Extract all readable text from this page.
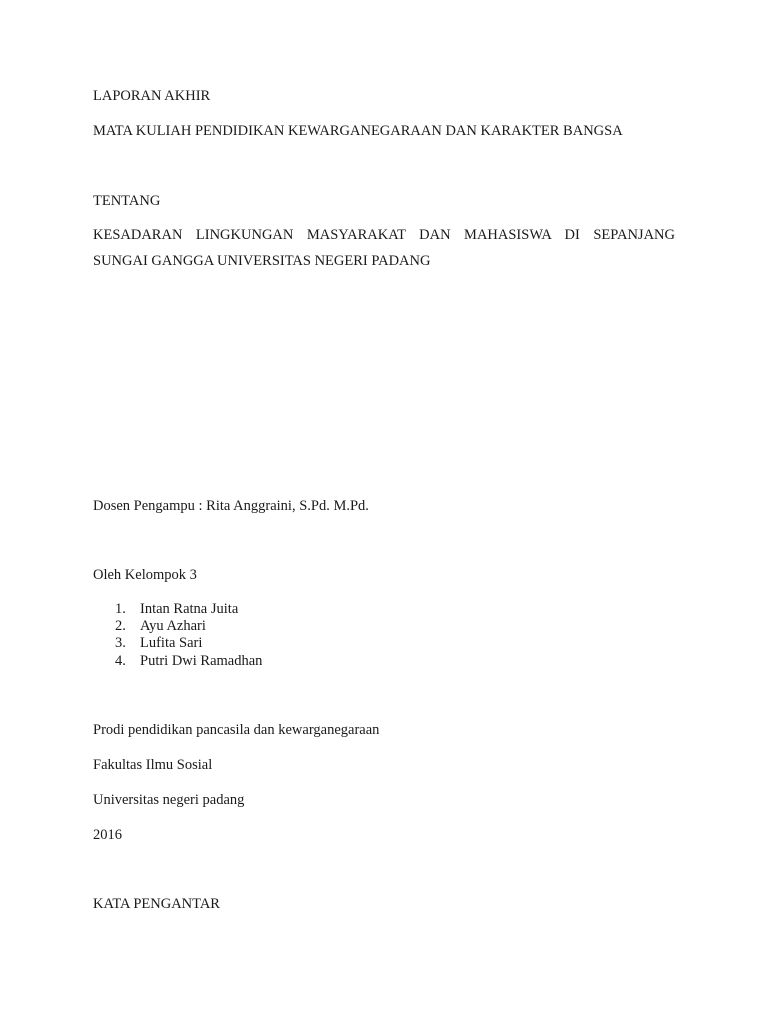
LAPORAN AKHIR

MATA KULIAH PENDIDIKAN KEWARGANEGARAAN DAN KARAKTER BANGSA

TENTANG

KESADARAN LINGKUNGAN MASYARAKAT DAN MAHASISWA DI SEPANJANG
SUNGAI GANGGA UNIVERSITAS NEGERI PADANG

Dosen Pengampu : Rita Anggraini, S.Pd. M.Pd.

Oleh Kelompok 3

1. Intan Ratna Juita
2. Ayu Azhari
3. Lufita Sari
4. Putri Dwi Ramadhan

Prodi pendidikan pancasila dan kewarganegaraan

Fakultas Ilmu Sosial

Universitas negeri padang

2016

KATA PENGANTAR
